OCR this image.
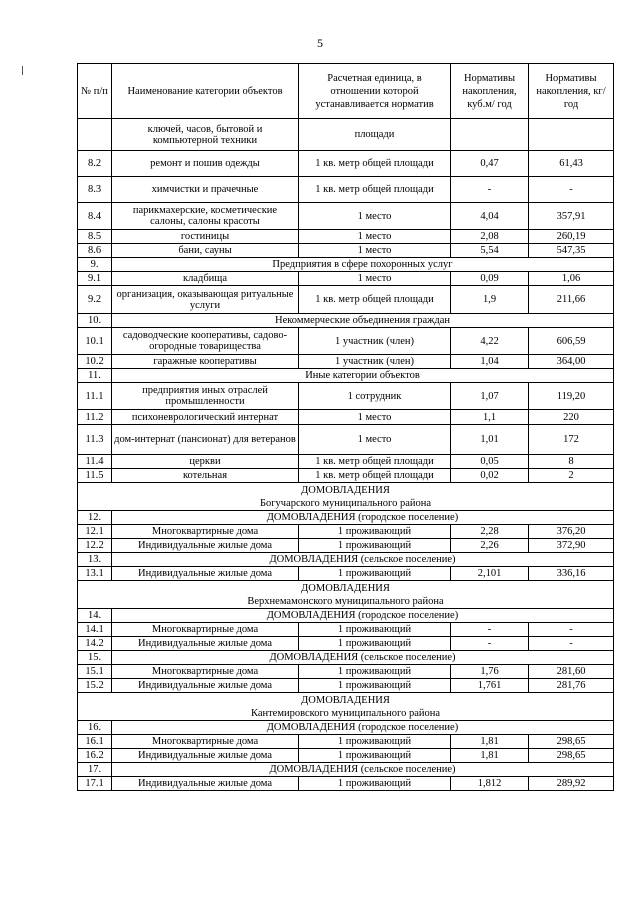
5
№ п/п	Наименование категории объектов	Расчетная единица, в отношении которой устанавливается норматив	Нормативы накопления, куб.м/ год	Нормативы накопления, кг/ год
	ключей, часов, бытовой и компьютерной техники	площади		
8.2	ремонт и пошив одежды	1 кв. метр общей площади	0,47	61,43
8.3	химчистки и прачечные	1 кв. метр общей площади	-	-
8.4	парикмахерские, косметические салоны, салоны красоты	1 место	4,04	357,91
8.5	гостиницы	1 место	2,08	260,19
8.6	бани, сауны	1 место	5,54	547,35
9.	Предприятия в сфере похоронных услуг			
9.1	кладбища	1 место	0,09	1,06
9.2	организация, оказывающая ритуальные услуги	1 кв. метр общей площади	1,9	211,66
10.	Некоммерческие объединения граждан			
10.1	садоводческие кооперативы, садово-огородные товарищества	1 участник (член)	4,22	606,59
10.2	гаражные кооперативы	1 участник (член)	1,04	364,00
11.	Иные категории объектов			
11.1	предприятия иных отраслей промышленности	1 сотрудник	1,07	119,20
11.2	психоневрологический интернат	1 место	1,1	220
11.3	дом-интернат (пансионат) для ветеранов	1 место	1,01	172
11.4	церкви	1 кв. метр общей площади	0,05	8
11.5	котельная	1 кв. метр общей площади	0,02	2

ДОМОВЛАДЕНИЯ
Богучарского муниципального района				

12.	ДОМОВЛАДЕНИЯ (городское поселение)			
12.1	Многоквартирные дома	1 проживающий	2,28	376,20
12.2	Индивидуальные жилые дома	1 проживающий	2,26	372,90
13.	ДОМОВЛАДЕНИЯ (сельское поселение)			
13.1	Индивидуальные жилые дома	1 проживающий	2,101	336,16

ДОМОВЛАДЕНИЯ
Верхнемамонского муниципального района				

14.	ДОМОВЛАДЕНИЯ (городское поселение)			
14.1	Многоквартирные дома	1 проживающий	-	-
14.2	Индивидуальные жилые дома	1 проживающий	-	-
15.	ДОМОВЛАДЕНИЯ (сельское поселение)			
15.1	Многоквартирные дома	1 проживающий	1,76	281,60
15.2	Индивидуальные жилые дома	1 проживающий	1,761	281,76

ДОМОВЛАДЕНИЯ
Кантемировского муниципального района				

16.	ДОМОВЛАДЕНИЯ (городское поселение)			
16.1	Многоквартирные дома	1 проживающий	1,81	298,65
16.2	Индивидуальные жилые дома	1 проживающий	1,81	298,65
17.	ДОМОВЛАДЕНИЯ (сельское поселение)			
17.1	Индивидуальные жилые дома	1 проживающий	1,812	289,92
